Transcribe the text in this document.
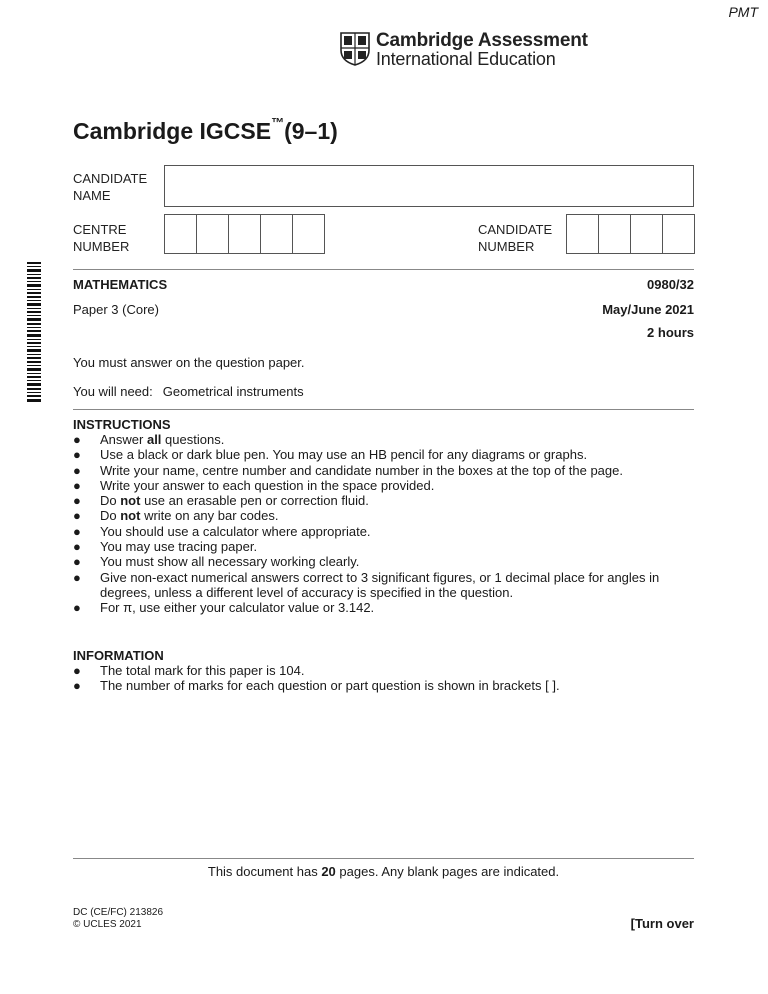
PMT
Cambridge Assessment
International Education
Cambridge IGCSE™(9–1)
CANDIDATE
NAME
CENTRE
NUMBER
CANDIDATE
NUMBER
MATHEMATICS	0980/32
Paper 3 (Core)	May/June 2021
2 hours
You must answer on the question paper.
You will need: Geometrical instruments
INSTRUCTIONS
● Answer all questions.
● Use a black or dark blue pen. You may use an HB pencil for any diagrams or graphs.
● Write your name, centre number and candidate number in the boxes at the top of the page.
● Write your answer to each question in the space provided.
● Do not use an erasable pen or correction fluid.
● Do not write on any bar codes.
● You should use a calculator where appropriate.
● You may use tracing paper.
● You must show all necessary working clearly.
● Give non-exact numerical answers correct to 3 significant figures, or 1 decimal place for angles in degrees, unless a different level of accuracy is specified in the question.
● For π, use either your calculator value or 3.142.
INFORMATION
● The total mark for this paper is 104.
● The number of marks for each question or part question is shown in brackets [ ].
This document has 20 pages. Any blank pages are indicated.
DC (CE/FC) 213826
© UCLES 2021	[Turn over
